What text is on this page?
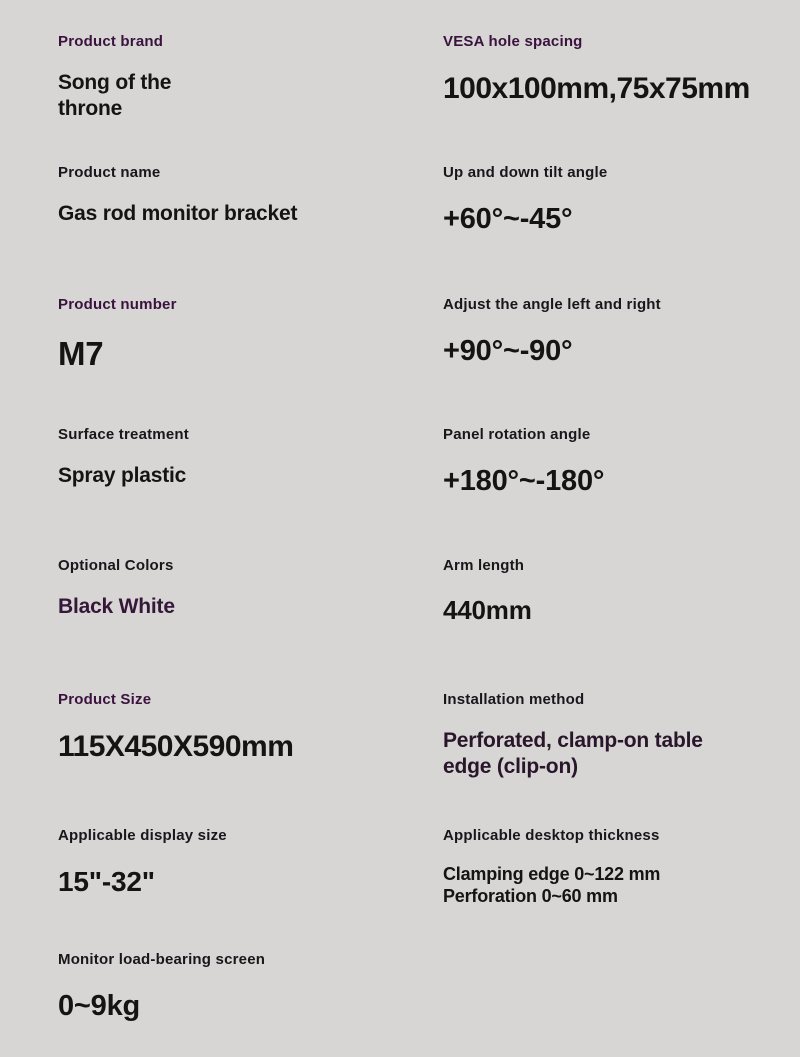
Product brand
Song of the throne
VESA hole spacing
100x100mm,75x75mm
Product name
Gas rod monitor bracket
Up and down tilt angle
+60°~-45°
Product number
M7
Adjust the angle left and right
+90°~-90°
Surface treatment
Spray plastic
Panel rotation angle
+180°~-180°
Optional Colors
Black White
Arm length
440mm
Product Size
115X450X590mm
Installation method
Perforated, clamp-on table edge (clip-on)
Applicable display size
15"-32"
Applicable desktop thickness
Clamping edge 0~122 mm Perforation 0~60 mm
Monitor load-bearing screen
0~9kg
